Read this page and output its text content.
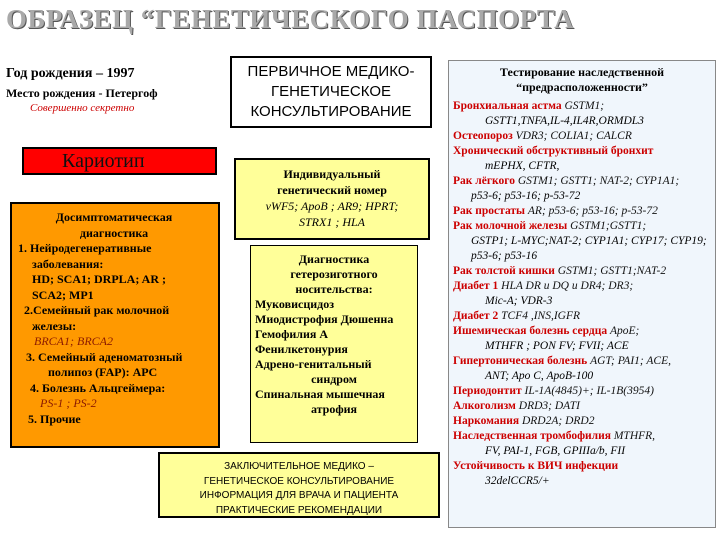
ОБРАЗЕЦ “ГЕНЕТИЧЕСКОГО ПАСПОРТА
Год рождения – 1997
Место рождения - Петергоф
Совершенно секретно
Кариотип
Досимптоматическая
диагностика
1. Нейродегенеративные
заболевания:
HD; SCA1; DRPLA; AR ;
SCA2; MP1
2.Семейный рак молочной
железы:
BRCA1; BRCA2
3. Семейный аденоматозный
полипоз (FAP): APC
4. Болезнь Альцгеймера:
PS-1 ; PS-2
5. Прочие
ПЕРВИЧНОЕ МЕДИКО-
ГЕНЕТИЧЕСКОЕ
КОНСУЛЬТИРОВАНИЕ
Индивидуальный
генетический номер
vWF5; ApoB ; AR9; HPRT;
STRX1 ; HLA
Диагностика
гетерозиготного
носительства:
Муковисцидоз
Миодистрофия Дюшенна
Гемофилия А
Фенилкетонурия
Адрено-генитальный
синдром
Спинальная мышечная
атрофия
ЗАКЛЮЧИТЕЛЬНОЕ МЕДИКО –
ГЕНЕТИЧЕСКОЕ КОНСУЛЬТИРОВАНИЕ
ИНФОРМАЦИЯ ДЛЯ ВРАЧА И ПАЦИЕНТА
ПРАКТИЧЕСКИЕ РЕКОМЕНДАЦИИ
Тестирование наследственной
“предрасположенности”
Бронхиальная астма GSTM1;
GSTT1,TNFA,IL-4,IL4R,ORMDL3
Остеопороз VDR3; COLIA1; CALCR
Хронический обструктивный бронхит
mEPHX, CFTR,
Рак лёгкого GSTM1; GSTT1; NAT-2; CYP1A1;
p53-6; p53-16; p-53-72
Рак простаты AR; p53-6; p53-16; p-53-72
Рак молочной железы GSTM1;GSTT1;
GSTP1; L-MYC;NAT-2; CYP1A1; CYP17; CYP19;
p53-6; p53-16
Рак толстой кишки GSTM1; GSTT1;NAT-2
Диабет 1 HLA DR и DQ и DR4; DR3;
Mic-A; VDR-3
Диабет 2 TCF4 ,INS,IGFR
Ишемическая болезнь сердца ApoE;
MTHFR ; PON FV; FVII; ACE
Гипертоническая болезнь AGT; PAI1; ACE,
ANT; Apo C, ApoB-100
Периодонтит IL-1A(4845)+; IL-1B(3954)
Алкоголизм DRD3; DATI
Наркомания DRD2A; DRD2
Наследственная тромбофилия MTHFR,
FV, PAI-1, FGB, GPIIIa/b, FII
Устойчивость к ВИЧ инфекции
32delCCR5/+
